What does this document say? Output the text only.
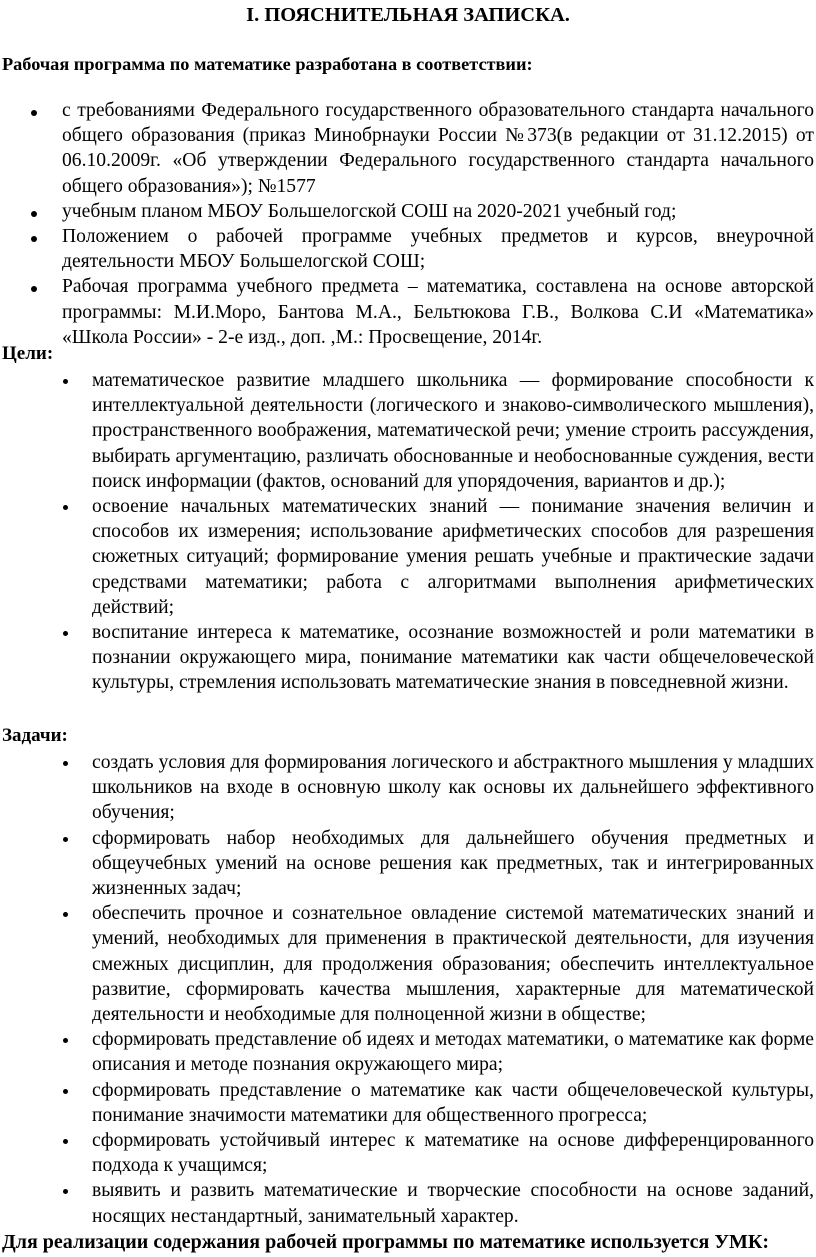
I. ПОЯСНИТЕЛЬНАЯ ЗАПИСКА.
Рабочая программа по математике разработана в соответствии:
с требованиями Федерального государственного образовательного стандарта начального общего образования (приказ Минобрнауки России №373(в редакции от 31.12.2015) от 06.10.2009г. «Об утверждении Федерального государственного стандарта начального общего образования»); №1577
учебным планом МБОУ Большелогской СОШ на 2020-2021 учебный год;
Положением о рабочей программе учебных предметов и курсов, внеурочной деятельности МБОУ Большелогской СОШ;
Рабочая программа учебного предмета – математика, составлена на основе авторской программы: М.И.Моро, Бантова М.А., Бельтюкова Г.В., Волкова С.И «Математика» «Школа России» - 2-е изд., доп. ,М.: Просвещение, 2014г.
Цели:
математическое развитие младшего школьника — формирование способности к интеллектуальной деятельности (логического и знаково-символического мышления), пространственного воображения, математической речи; умение строить рассуждения, выбирать аргументацию, различать обоснованные и необоснованные суждения, вести поиск информации (фактов, оснований для упорядочения, вариантов и др.);
освоение начальных математических знаний — понимание значения величин и способов их измерения; использование арифметических способов для разрешения сюжетных ситуаций; формирование умения решать учебные и практические задачи средствами математики; работа с алгоритмами выполнения арифметических действий;
воспитание интереса к математике, осознание возможностей и роли математики в познании окружающего мира, понимание математики как части общечеловеческой культуры, стремления использовать математические знания в повседневной жизни.
Задачи:
создать условия для формирования логического и абстрактного мышления у младших школьников на входе в основную школу как основы их дальнейшего эффективного обучения;
сформировать набор необходимых для дальнейшего обучения предметных и общеучебных умений на основе решения как предметных, так и интегрированных жизненных задач;
обеспечить прочное и сознательное овладение системой математических знаний и умений, необходимых для применения в практической деятельности, для изучения смежных дисциплин, для продолжения образования; обеспечить интеллектуальное развитие, сформировать качества мышления, характерные для математической деятельности и необходимые для полноценной жизни в обществе;
сформировать представление об идеях и методах математики, о математике как форме описания и методе познания окружающего мира;
сформировать представление о математике как части общечеловеческой культуры, понимание значимости математики для общественного прогресса;
сформировать устойчивый интерес к математике на основе дифференцированного подхода к учащимся;
выявить и развить математические и творческие способности на основе заданий, носящих нестандартный, занимательный характер.
Для реализации содержания рабочей программы по математике используется УМК:
